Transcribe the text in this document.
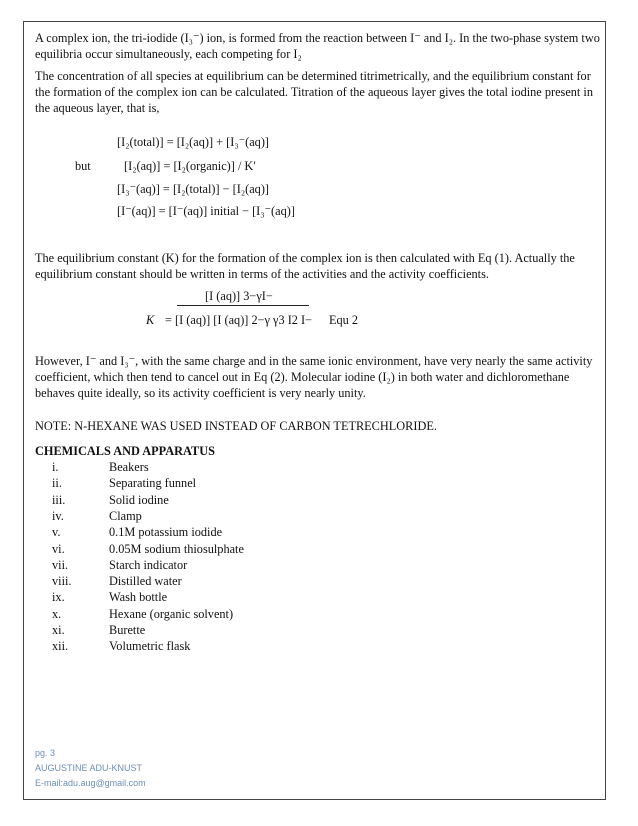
A complex ion, the tri-iodide (I₃⁻) ion, is formed from the reaction between I⁻ and I₂. In the two-phase system two equilibria occur simultaneously, each competing for I₂

The concentration of all species at equilibrium can be determined titrimetrically, and the equilibrium constant for the formation of the complex ion can be calculated. Titration of the aqueous layer gives the total iodine present in the aqueous layer, that is,

[I₂(total)] = [I₂(aq)] + [I₃⁻(aq)]
but	[I₂(aq)] = [I₂(organic)] / K′
[I₃⁻(aq)] = [I₂(total)] − [I₂(aq)]
[I⁻(aq)] = [I⁻(aq)] initial − [I₃⁻(aq)]

The equilibrium constant (K) for the formation of the complex ion is then calculated with Eq (1). Actually the equilibrium constant should be written in terms of the activities and the activity coefficients.

[I (aq)] 3−γI−
K = [I (aq)] [I (aq)] 2−γ γ3 I2 I− Equ 2

However, I⁻ and I₃⁻, with the same charge and in the same ionic environment, have very nearly the same activity coefficient, which then tend to cancel out in Eq (2). Molecular iodine (I₂) in both water and dichloromethane behaves quite ideally, so its activity coefficient is very nearly unity.

NOTE: N-HEXANE WAS USED INSTEAD OF CARBON TETRECHLORIDE.

CHEMICALS AND APPARATUS
i.	Beakers
ii.	Separating funnel
iii.	Solid iodine
iv.	Clamp
v.	0.1M potassium iodide
vi.	0.05M sodium thiosulphate
vii.	Starch indicator
viii.	Distilled water
ix.	Wash bottle
x.	Hexane (organic solvent)
xi.	Burette
xii.	Volumetric flask
pg. 3
AUGUSTINE ADU-KNUST
E-mail:adu.aug@gmail.com
